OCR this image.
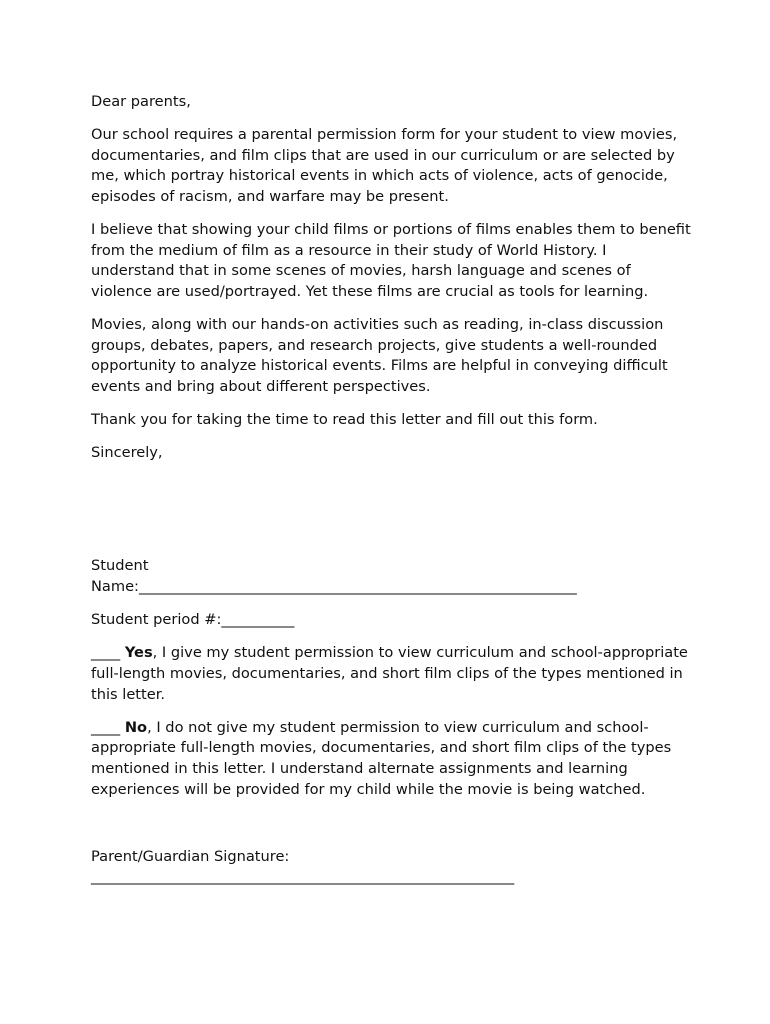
Dear parents,

Our school requires a parental permission form for your student to view movies, documentaries, and film clips that are used in our curriculum or are selected by me, which portray historical events in which acts of violence, acts of genocide, episodes of racism, and warfare may be present.

I believe that showing your child films or portions of films enables them to benefit from the medium of film as a resource in their study of World History. I understand that in some scenes of movies, harsh language and scenes of violence are used/portrayed. Yet these films are crucial as tools for learning.

Movies, along with our hands-on activities such as reading, in-class discussion groups, debates, papers, and research projects, give students a well-rounded opportunity to analyze historical events. Films are helpful in conveying difficult events and bring about different perspectives.

Thank you for taking the time to read this letter and fill out this form.

Sincerely,

Student
Name:____________________________________________________________

Student period #:__________

____ Yes, I give my student permission to view curriculum and school-appropriate full-length movies, documentaries, and short film clips of the types mentioned in this letter.

____ No, I do not give my student permission to view curriculum and school-appropriate full-length movies, documentaries, and short film clips of the types mentioned in this letter. I understand alternate assignments and learning experiences will be provided for my child while the movie is being watched.

Parent/Guardian Signature:
__________________________________________________________
